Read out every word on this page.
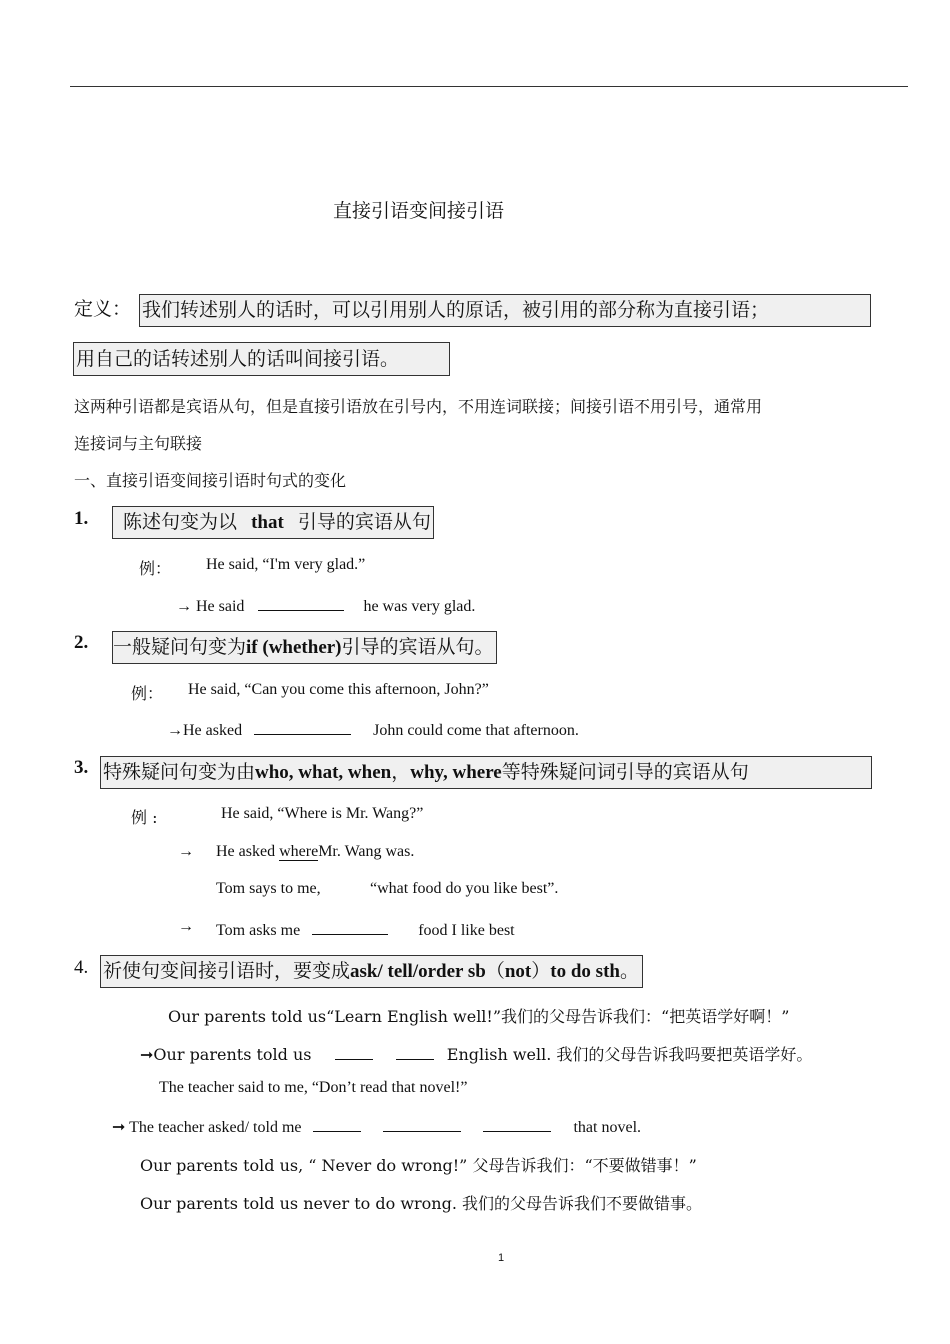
直接引语变间接引语
定义： 我们转述别人的话时，可以引用别人的原话，被引用的部分称为直接引语；
用自己的话转述别人的话叫间接引语。
这两种引语都是宾语从句，但是直接引语放在引号内，不用连词联接；间接引语不用引号，通常用
连接词与主句联接
一、直接引语变间接引语时句式的变化
1.	陈述句变为以 that 引导的宾语从句
例： He said, “I'm very glad.”
→ He said	he was very glad.
2. 一般疑问句变为if (whether)引导的宾语从句。
例： He said, “Can you come this afternoon, John?”
→He asked	John could come that afternoon.
3. 特殊疑问句变为由who, what, when，why, where等特殊疑问词引导的宾语从句
例 :	He said, “Where is Mr. Wang?”
→ He asked whereMr. Wang was.
Tom says to me,	“what food do you like best”.
→ Tom asks me	food I like best
4. 祈使句变间接引语时，要变成ask/ tell/order sb（not）to do sth。
Our parents told us“Learn English well!”我们的父母告诉我们：“把英语学好啊！”
➞Our parents told us	English well. 我们的父母告诉我吗要把英语学好。
The teacher said to me, “Don’t read that novel!”
➞ The teacher asked/ told me	that novel.
Our parents told us, “ Never do wrong!” 父母告诉我们：“不要做错事！”
Our parents told us never to do wrong. 我们的父母告诉我们不要做错事。
1
